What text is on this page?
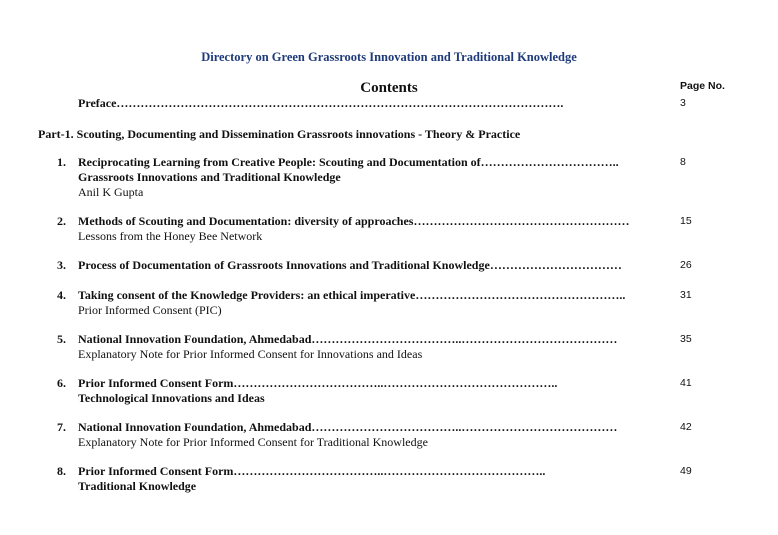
Directory on Green Grassroots Innovation and Traditional Knowledge
Contents	Page No.
Preface………………………………………………………………………………………………….	3
Part-1. Scouting, Documenting and Dissemination Grassroots innovations - Theory & Practice
1. Reciprocating Learning from Creative People: Scouting and Documentation of……………………………..	8
Grassroots Innovations and Traditional Knowledge
Anil K Gupta
2. Methods of Scouting and Documentation: diversity of approaches………………………………………………	15
Lessons from the Honey Bee Network
3. Process of Documentation of Grassroots Innovations and Traditional Knowledge……………………………	26
4. Taking consent of the Knowledge Providers: an ethical imperative……………………………………………..	31
Prior Informed Consent (PIC)
5. National Innovation Foundation, Ahmedabad………………………………..…………………………………	35
Explanatory Note for Prior Informed Consent for Innovations and Ideas
6. Prior Informed Consent Form………………………………..……………………………………..	41
Technological Innovations and Ideas
7. National Innovation Foundation, Ahmedabad………………………………..…………………………………	42
Explanatory Note for Prior Informed Consent for Traditional Knowledge
8. Prior Informed Consent Form………………………………..…………………………………..	49
Traditional Knowledge
